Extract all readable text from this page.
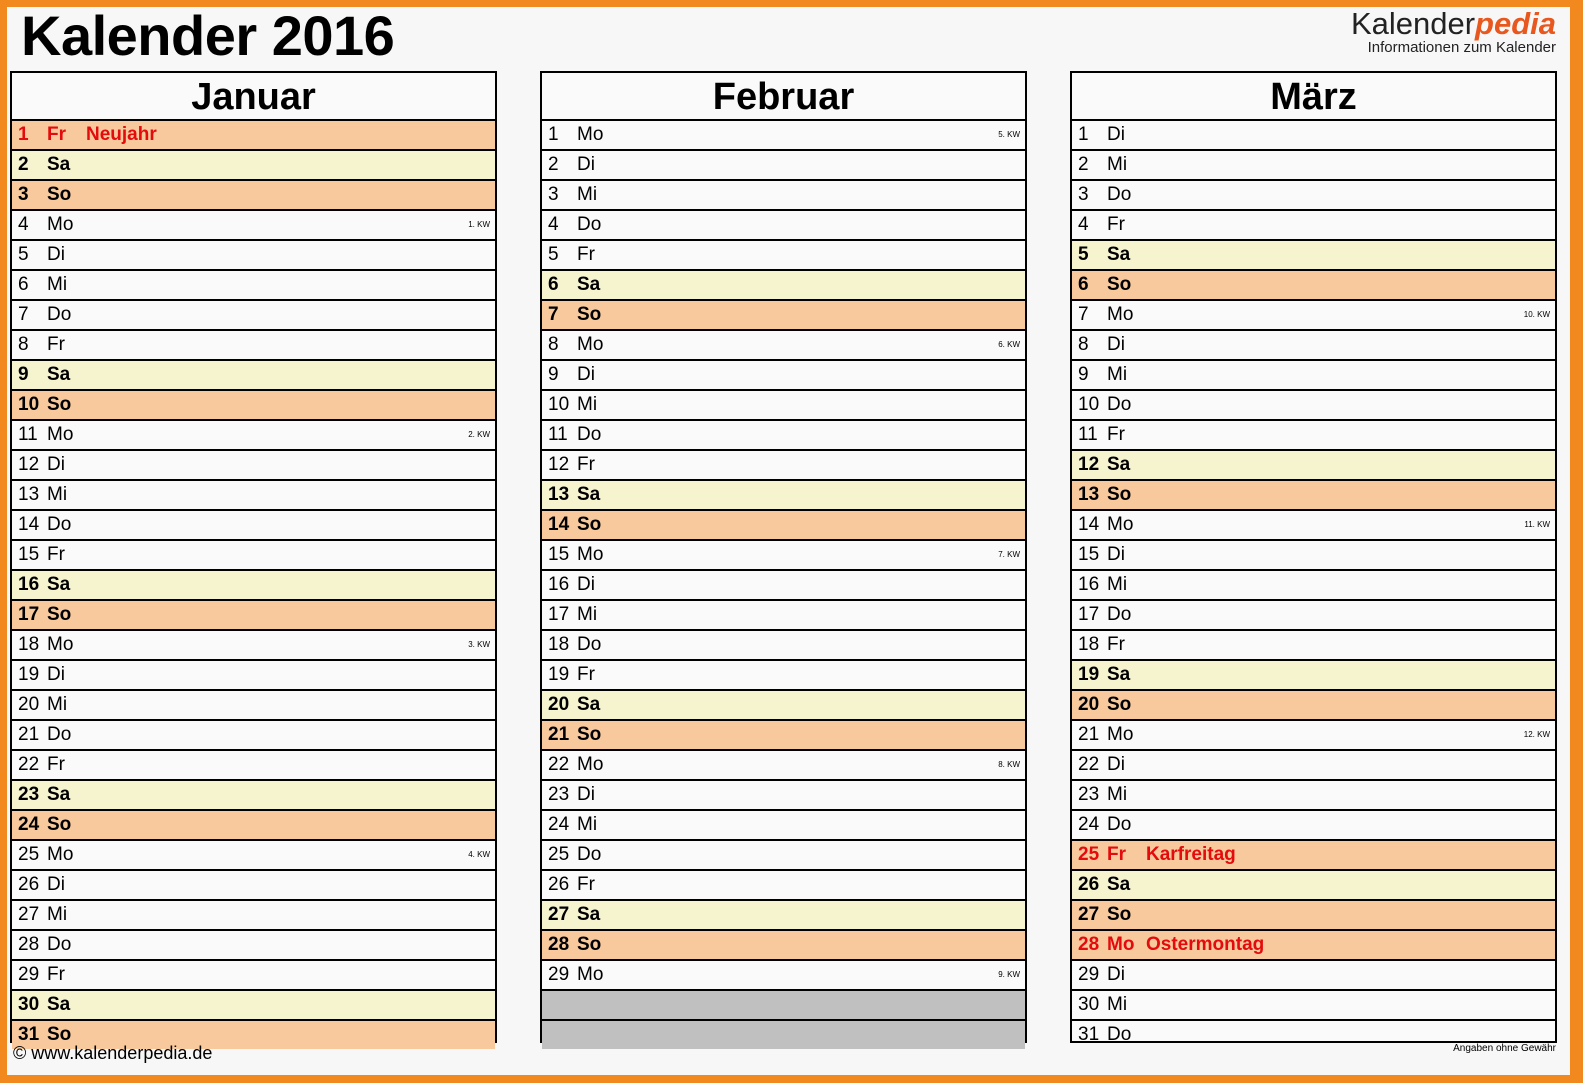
Kalender 2016	Kalenderpedia
Informationen zum Kalender
Januar
1 Fr Neujahr
2 Sa
3 So
4 Mo	1. KW
5 Di
6 Mi
7 Do
8 Fr
9 Sa
10 So
11 Mo	2. KW
12 Di
13 Mi
14 Do
15 Fr
16 Sa
17 So
18 Mo	3. KW
19 Di
20 Mi
21 Do
22 Fr
23 Sa
24 So
25 Mo	4. KW
26 Di
27 Mi
28 Do
29 Fr
30 Sa
31 So
Februar
1 Mo	5. KW
2 Di
3 Mi
4 Do
5 Fr
6 Sa
7 So
8 Mo	6. KW
9 Di
10 Mi
11 Do
12 Fr
13 Sa
14 So
15 Mo	7. KW
16 Di
17 Mi
18 Do
19 Fr
20 Sa
21 So
22 Mo	8. KW
23 Di
24 Mi
25 Do
26 Fr
27 Sa
28 So
29 Mo	9. KW
März
1 Di
2 Mi
3 Do
4 Fr
5 Sa
6 So
7 Mo	10. KW
8 Di
9 Mi
10 Do
11 Fr
12 Sa
13 So
14 Mo	11. KW
15 Di
16 Mi
17 Do
18 Fr
19 Sa
20 So
21 Mo	12. KW
22 Di
23 Mi
24 Do
25 Fr Karfreitag
26 Sa
27 So
28 Mo Ostermontag
29 Di
30 Mi
31 Do
© www.kalenderpedia.de	Angaben ohne Gewähr
